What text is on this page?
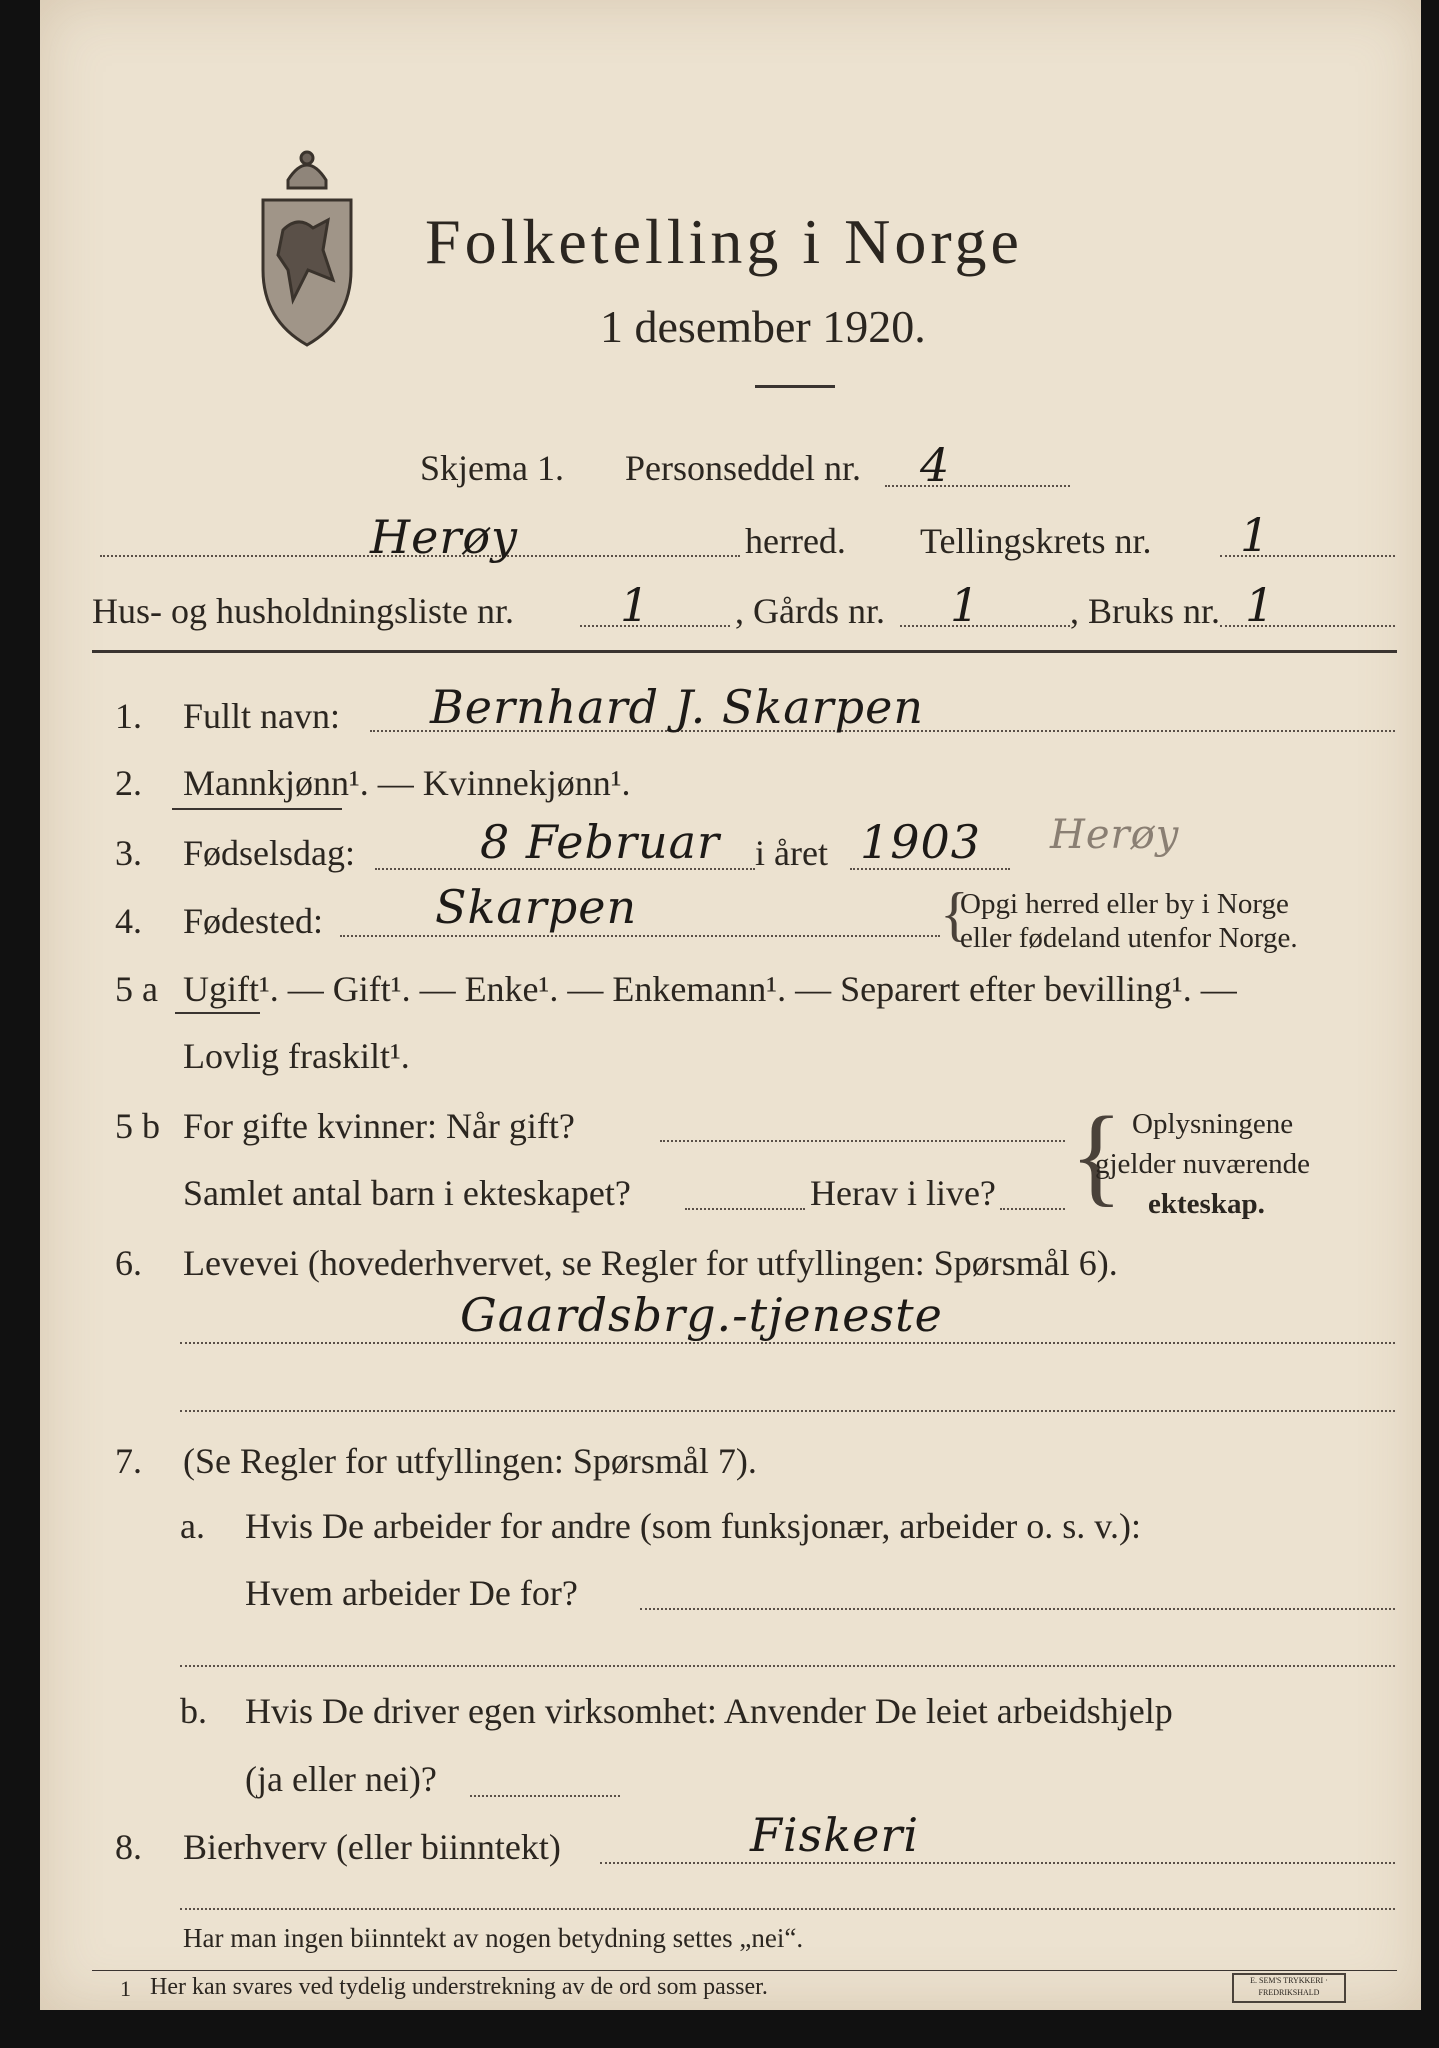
Folketelling i Norge
1 desember 1920.
Skjema 1. Personseddel nr. 4
Herøy	herred. Tellingskrets nr. 1
Hus- og husholdningsliste nr. 1 , Gårds nr. 1 , Bruks nr. 1
1. Fullt navn: Bernhard J. Skarpen
2. Mannkjønn¹. — Kvinnekjønn¹.
3. Fødselsdag:	8 Februar i året 1903 Herøy
4. Fødested: Skarpen	{
Opgi herred eller by i Norge
eller fødeland utenfor Norge.
5 a Ugift¹. — Gift¹. — Enke¹. — Enkemann¹. — Separert efter bevilling¹. —
Lovlig fraskilt¹.
5 b For gifte kvinner: Når gift?
Samlet antal barn i ekteskapet?	Herav i live? { Oplysningene
gjelder nuværende
ekteskap.
6. Levevei (hovederhvervet, se Regler for utfyllingen: Spørsmål 6).
Gaardsbrg.-tjeneste
7. (Se Regler for utfyllingen: Spørsmål 7).
a. Hvis De arbeider for andre (som funksjonær, arbeider o. s. v.):
Hvem arbeider De for?
b. Hvis De driver egen virksomhet: Anvender De leiet arbeidshjelp
(ja eller nei)?
8. Bierhverv (eller biinntekt)	Fiskeri
Har man ingen biinntekt av nogen betydning settes „nei“.
1 Her kan svares ved tydelig understrekning av de ord som passer.	E. SEM'S TRYKKERI · FREDRIKSHALD
